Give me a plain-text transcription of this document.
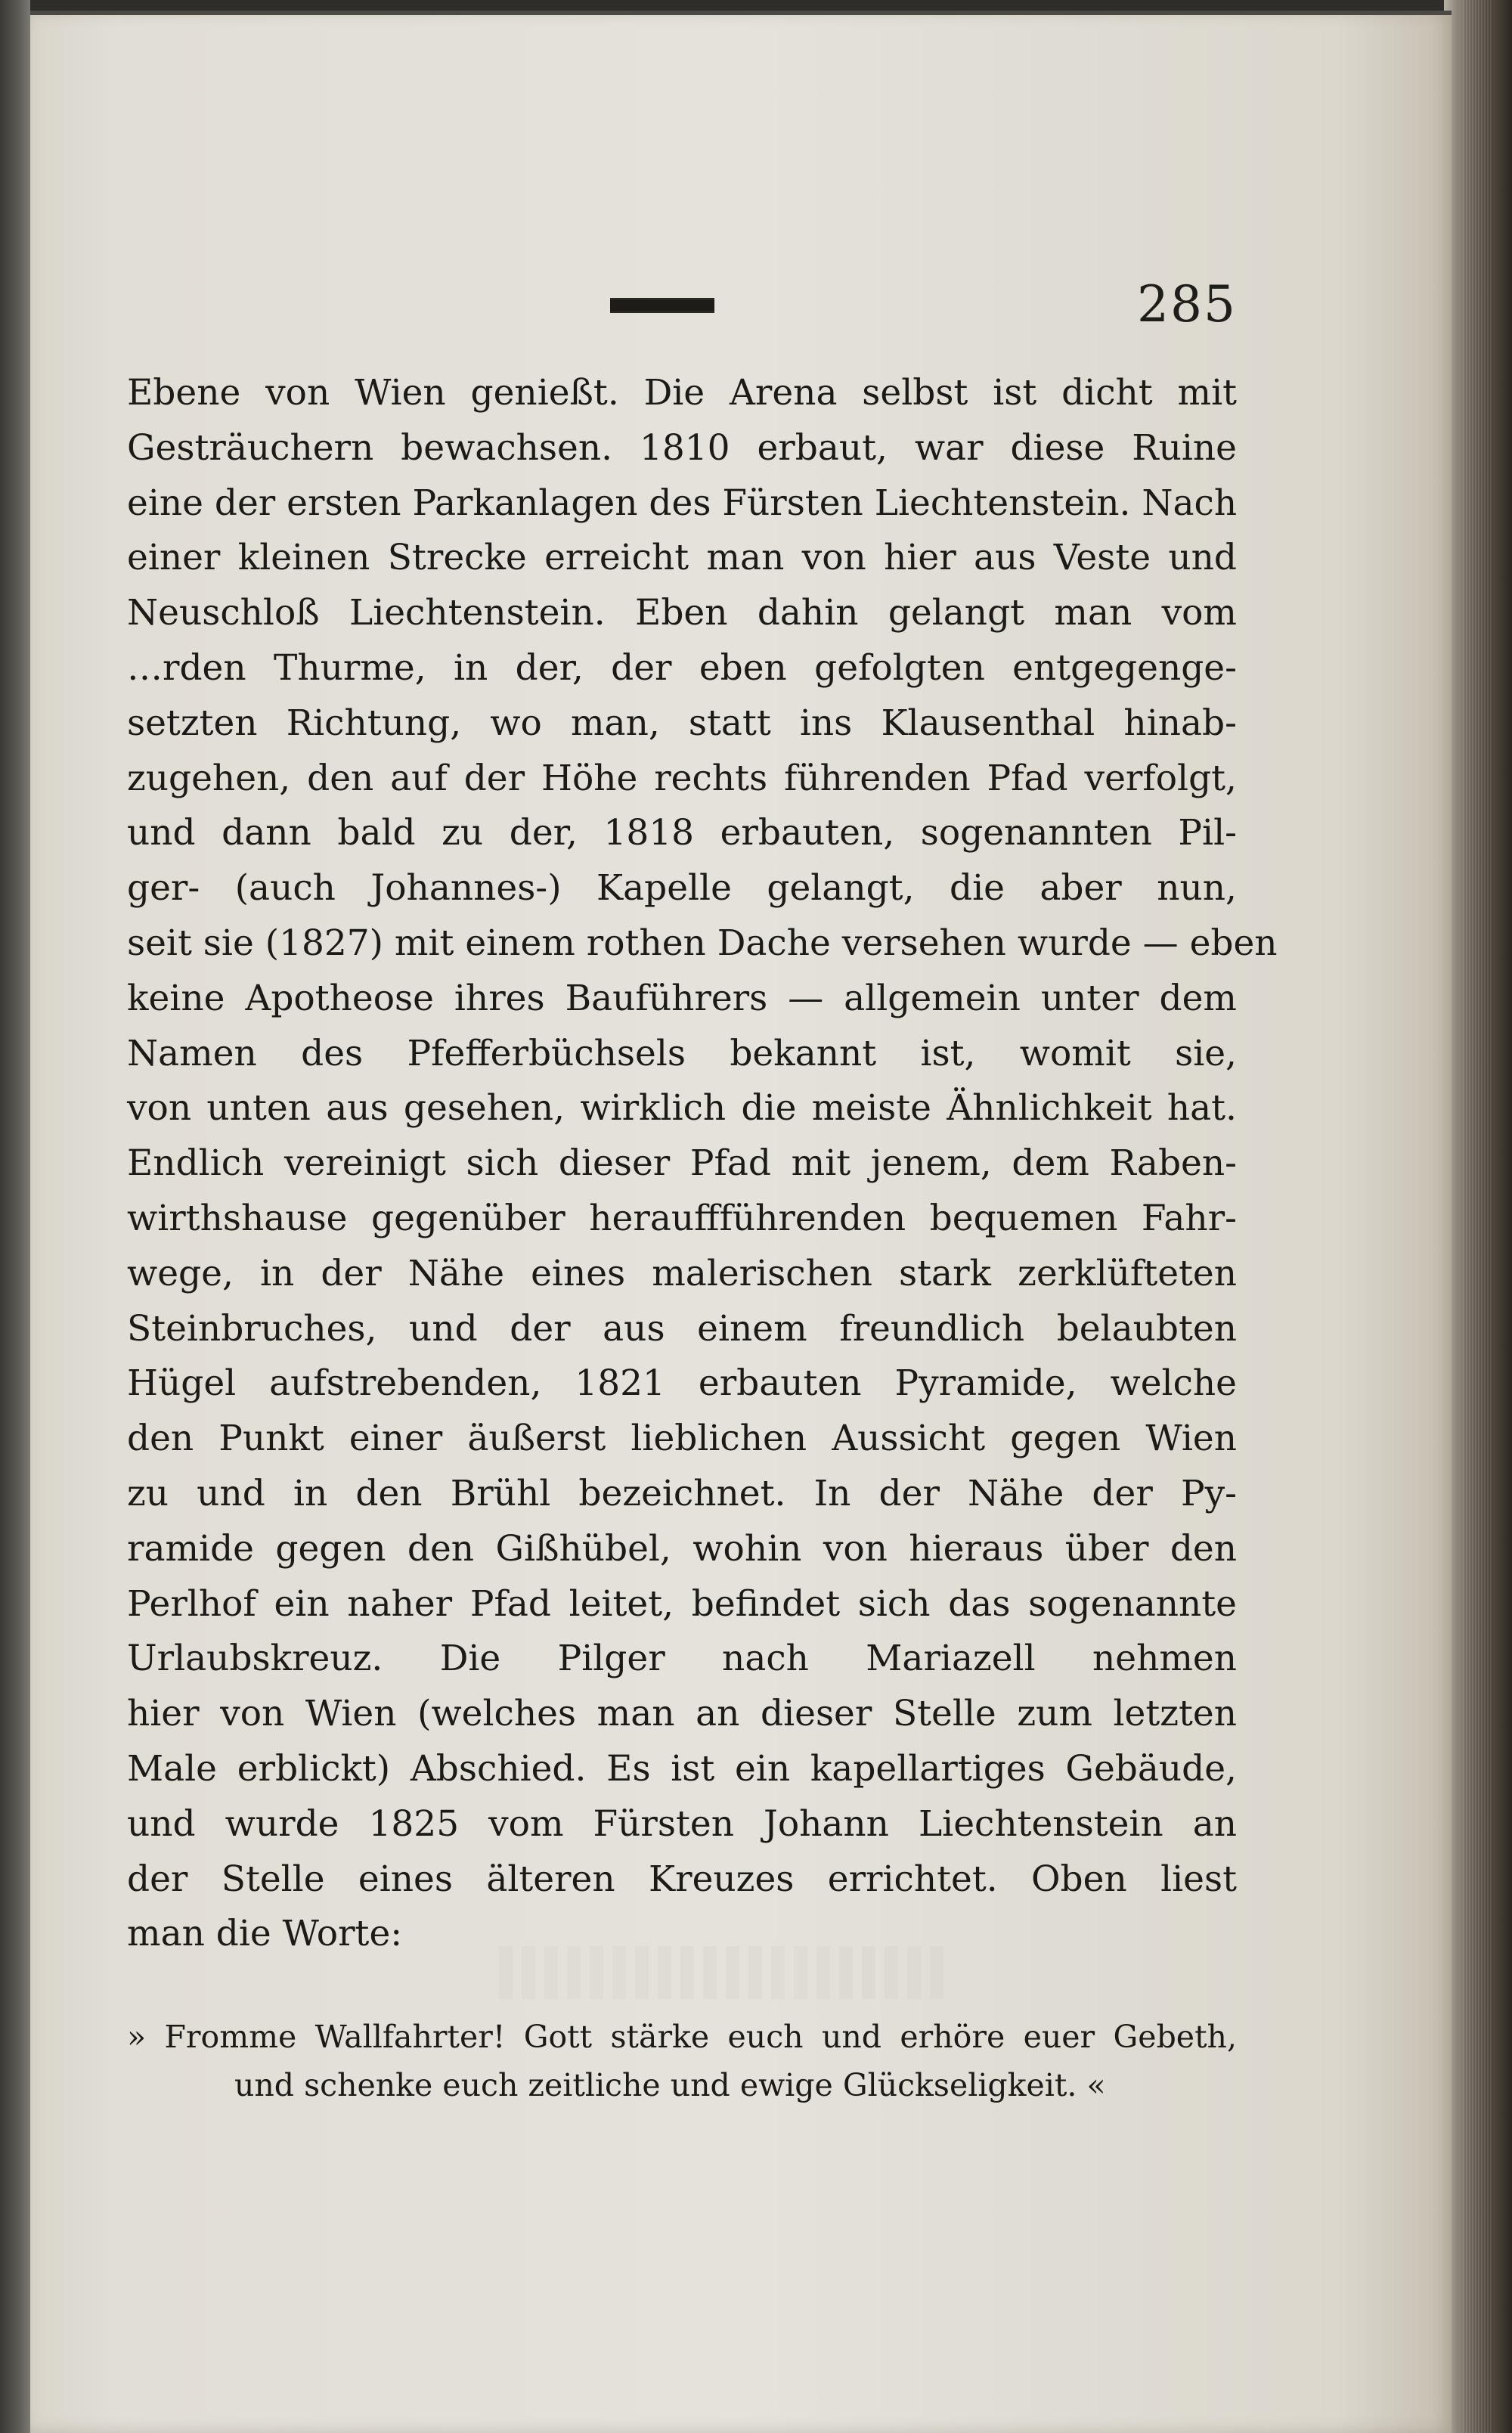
285
Ebene von Wien genießt. Die Arena selbst ist dicht mit
Gesträuchern bewachsen. 1810 erbaut, war diese Ruine
eine der ersten Parkanlagen des Fürsten Liechtenstein. Nach
einer kleinen Strecke erreicht man von hier aus Veste und
Neuschloß Liechtenstein. Eben dahin gelangt man vom
…rden Thurme, in der, der eben gefolgten entgegenge-
setzten Richtung, wo man, statt ins Klausenthal hinab-
zugehen, den auf der Höhe rechts führenden Pfad verfolgt,
und dann bald zu der, 1818 erbauten, sogenannten Pil-
ger- (auch Johannes-) Kapelle gelangt, die aber nun,
seit sie (1827) mit einem rothen Dache versehen wurde — eben
keine Apotheose ihres Bauführers — allgemein unter dem
Namen des Pfefferbüchsels bekannt ist, womit sie,
von unten aus gesehen, wirklich die meiste Ähnlichkeit hat.
Endlich vereinigt sich dieser Pfad mit jenem, dem Raben-
wirthshause gegenüber herauffführenden bequemen Fahr-
wege, in der Nähe eines malerischen stark zerklüfteten
Steinbruches, und der aus einem freundlich belaubten
Hügel aufstrebenden, 1821 erbauten Pyramide, welche
den Punkt einer äußerst lieblichen Aussicht gegen Wien
zu und in den Brühl bezeichnet. In der Nähe der Py-
ramide gegen den Gißhübel, wohin von hieraus über den
Perlhof ein naher Pfad leitet, befindet sich das sogenannte
Urlaubskreuz. Die Pilger nach Mariazell nehmen
hier von Wien (welches man an dieser Stelle zum letzten
Male erblickt) Abschied. Es ist ein kapellartiges Gebäude,
und wurde 1825 vom Fürsten Johann Liechtenstein an
der Stelle eines älteren Kreuzes errichtet. Oben liest
man die Worte:
» Fromme Wallfahrter! Gott stärke euch und erhöre euer Gebeth,
und schenke euch zeitliche und ewige Glückseligkeit. «
